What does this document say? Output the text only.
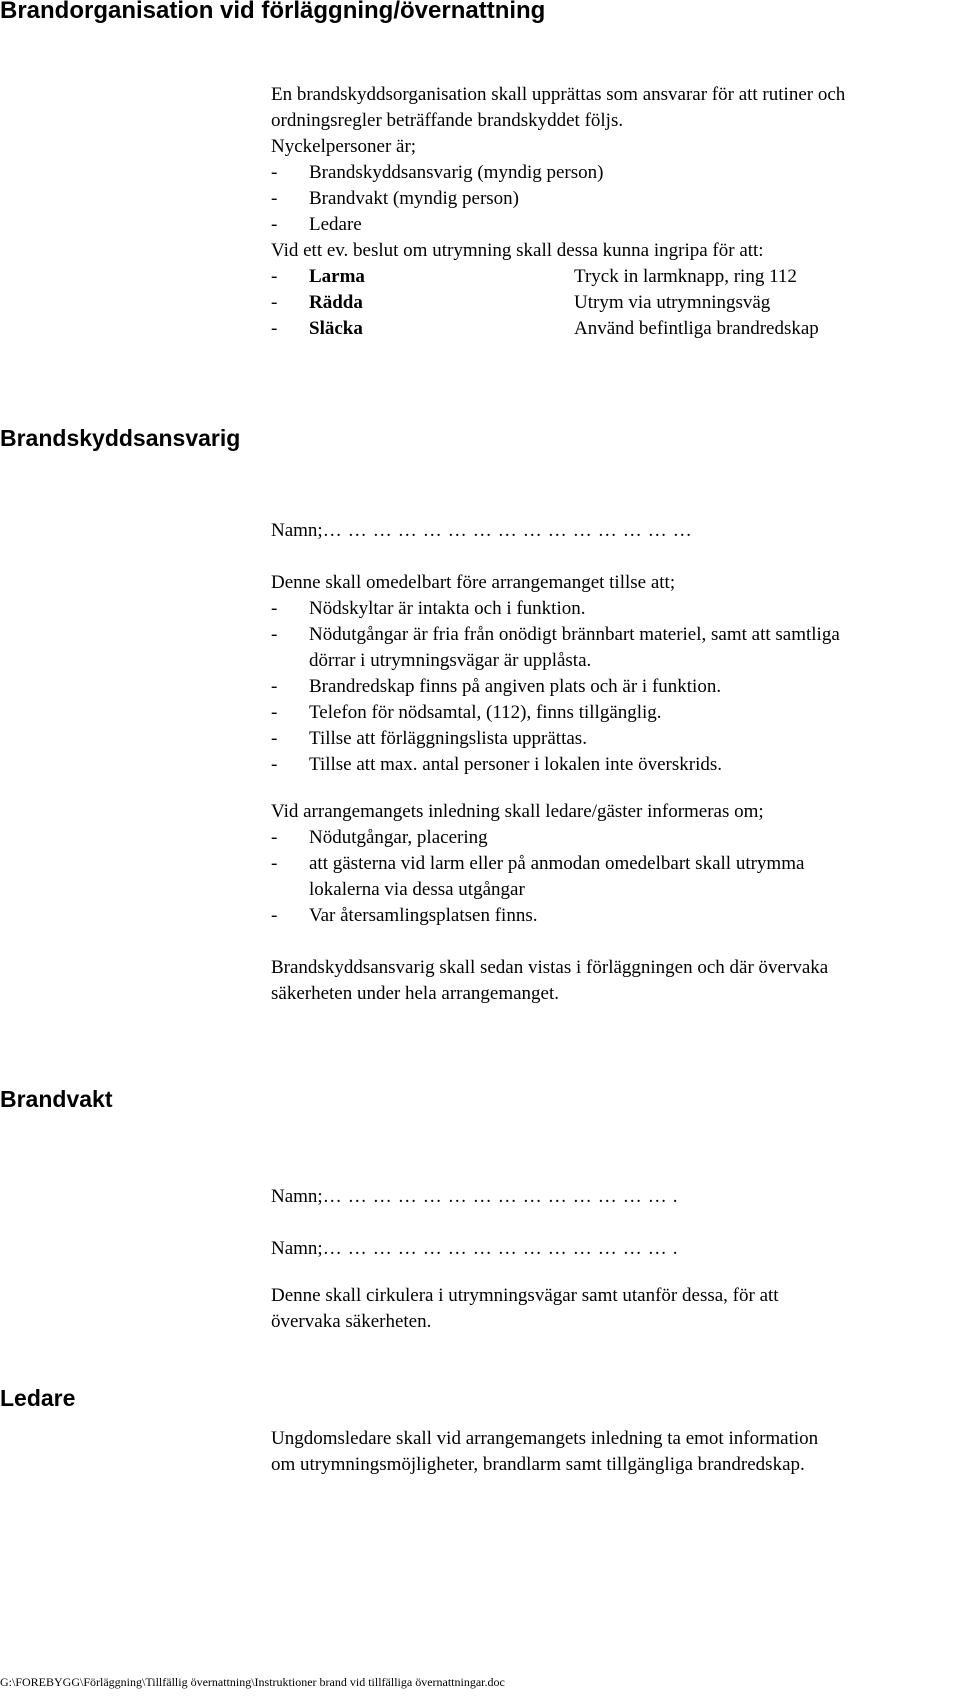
Brandorganisation vid förläggning/övernattning
En brandskyddsorganisation skall upprättas som ansvarar för att rutiner och
ordningsregler beträffande brandskyddet följs.
Nyckelpersoner är;
-	Brandskyddsansvarig (myndig person)
-	Brandvakt (myndig person)
-	Ledare
Vid ett ev. beslut om utrymning skall dessa kunna ingripa för att:
-	Larma	Tryck in larmknapp, ring 112
-	Rädda	Utrym via utrymningsväg
-	Släcka	Använd befintliga brandredskap
Brandskyddsansvarig
Namn;………………………………………
Denne skall omedelbart före arrangemanget tillse att;
-	Nödskyltar är intakta och i funktion.
-	Nödutgångar är fria från onödigt brännbart materiel, samt att samtliga
dörrar i utrymningsvägar är upplåsta.
-	Brandredskap finns på angiven plats och är i funktion.
-	Telefon för nödsamtal, (112), finns tillgänglig.
-	Tillse att förläggningslista upprättas.
-	Tillse att max. antal personer i lokalen inte överskrids.
Vid arrangemangets inledning skall ledare/gäster informeras om;
-	Nödutgångar, placering
-	att gästerna vid larm eller på anmodan omedelbart skall utrymma
lokalerna via dessa utgångar
-	Var återsamlingsplatsen finns.
Brandskyddsansvarig skall sedan vistas i förläggningen och där övervaka
säkerheten under hela arrangemanget.
Brandvakt
Namn;…………………………………….
Namn;…………………………………….
Denne skall cirkulera i utrymningsvägar samt utanför dessa, för att
övervaka säkerheten.
Ledare
Ungdomsledare skall vid arrangemangets inledning ta emot information
om utrymningsmöjligheter, brandlarm samt tillgängliga brandredskap.
G:\FOREBYGG\Förläggning\Tillfällig övernattning\Instruktioner brand vid tillfälliga övernattningar.doc
